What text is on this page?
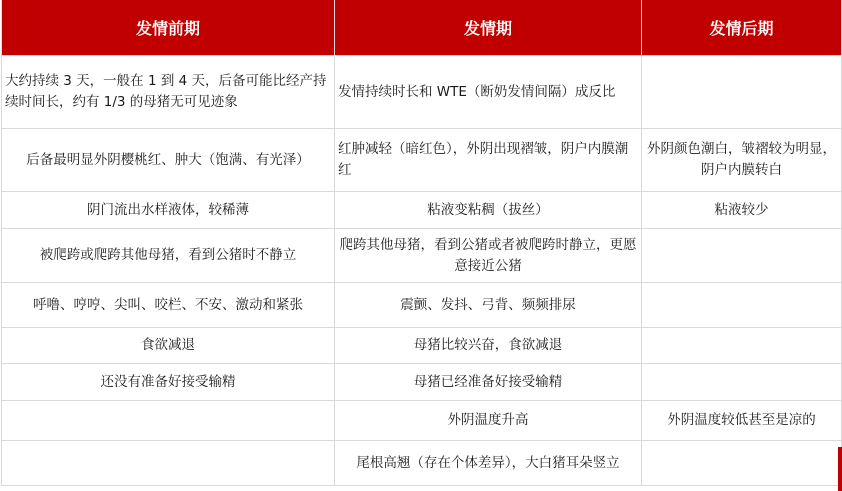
发情前期	发情期	发情后期
大约持续 3 天，一般在 1 到 4 天，后备可能比经产持续时间长，约有 1/3 的母猪无可见迹象	发情持续时长和 WTE（断奶发情间隔）成反比	
后备最明显外阴樱桃红、肿大（饱满、有光泽）	红肿减轻（暗红色），外阴出现褶皱，阴户内膜潮红	外阴颜色潮白，皱褶较为明显，阴户内膜转白
阴门流出水样液体，较稀薄	粘液变粘稠（拔丝）	粘液较少
被爬跨或爬跨其他母猪，看到公猪时不静立	爬跨其他母猪，看到公猪或者被爬跨时静立，更愿意接近公猪	
呼噜、哼哼、尖叫、咬栏、不安、激动和紧张	震颤、发抖、弓背、频频排尿	
食欲减退	母猪比较兴奋，食欲减退	
还没有准备好接受输精	母猪已经准备好接受输精	
	外阴温度升高	外阴温度较低甚至是凉的
	尾根高翘（存在个体差异），大白猪耳朵竖立	
